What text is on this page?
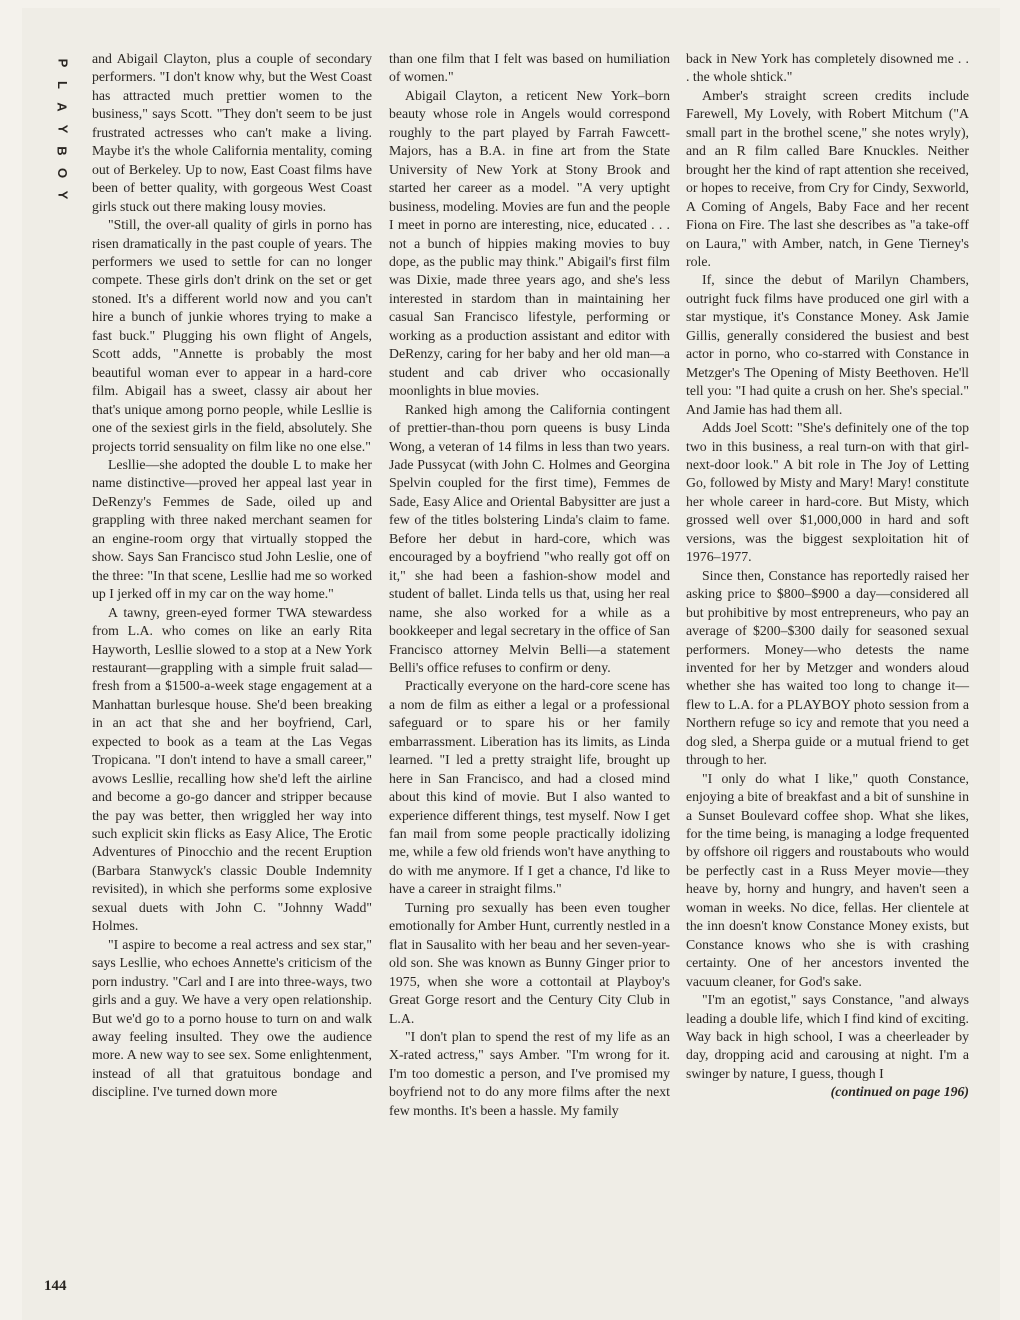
P
L
A
Y
B
O
Y

and Abigail Clayton, plus a couple of secondary performers. "I don't know why, but the West Coast has attracted much prettier women to the business," says Scott. "They don't seem to be just frustrated actresses who can't make a living. Maybe it's the whole California mentality, coming out of Berkeley. Up to now, East Coast films have been of better quality, with gorgeous West Coast girls stuck out there making lousy movies.

"Still, the over-all quality of girls in porno has risen dramatically in the past couple of years. The performers we used to settle for can no longer compete. These girls don't drink on the set or get stoned. It's a different world now and you can't hire a bunch of junkie whores trying to make a fast buck." Plugging his own flight of Angels, Scott adds, "Annette is probably the most beautiful woman ever to appear in a hard-core film. Abigail has a sweet, classy air about her that's unique among porno people, while Lesllie is one of the sexiest girls in the field, absolutely. She projects torrid sensuality on film like no one else."

Lesllie—she adopted the double L to make her name distinctive—proved her appeal last year in DeRenzy's Femmes de Sade, oiled up and grappling with three naked merchant seamen for an engine-room orgy that virtually stopped the show. Says San Francisco stud John Leslie, one of the three: "In that scene, Lesllie had me so worked up I jerked off in my car on the way home."

A tawny, green-eyed former TWA stewardess from L.A. who comes on like an early Rita Hayworth, Lesllie slowed to a stop at a New York restaurant—grappling with a simple fruit salad—fresh from a $1500-a-week stage engagement at a Manhattan burlesque house. She'd been breaking in an act that she and her boyfriend, Carl, expected to book as a team at the Las Vegas Tropicana. "I don't intend to have a small career," avows Lesllie, recalling how she'd left the airline and become a go-go dancer and stripper because the pay was better, then wriggled her way into such explicit skin flicks as Easy Alice, The Erotic Adventures of Pinocchio and the recent Eruption (Barbara Stanwyck's classic Double Indemnity revisited), in which she performs some explosive sexual duets with John C. "Johnny Wadd" Holmes.

"I aspire to become a real actress and sex star," says Lesllie, who echoes Annette's criticism of the porn industry. "Carl and I are into three-ways, two girls and a guy. We have a very open relationship. But we'd go to a porno house to turn on and walk away feeling insulted. They owe the audience more. A new way to see sex. Some enlightenment, instead of all that gratuitous bondage and discipline. I've turned down more

than one film that I felt was based on humiliation of women."

Abigail Clayton, a reticent New York–born beauty whose role in Angels would correspond roughly to the part played by Farrah Fawcett-Majors, has a B.A. in fine art from the State University of New York at Stony Brook and started her career as a model. "A very uptight business, modeling. Movies are fun and the people I meet in porno are interesting, nice, educated . . . not a bunch of hippies making movies to buy dope, as the public may think." Abigail's first film was Dixie, made three years ago, and she's less interested in stardom than in maintaining her casual San Francisco lifestyle, performing or working as a production assistant and editor with DeRenzy, caring for her baby and her old man—a student and cab driver who occasionally moonlights in blue movies.

Ranked high among the California contingent of prettier-than-thou porn queens is busy Linda Wong, a veteran of 14 films in less than two years. Jade Pussycat (with John C. Holmes and Georgina Spelvin coupled for the first time), Femmes de Sade, Easy Alice and Oriental Babysitter are just a few of the titles bolstering Linda's claim to fame. Before her debut in hard-core, which was encouraged by a boyfriend "who really got off on it," she had been a fashion-show model and student of ballet. Linda tells us that, using her real name, she also worked for a while as a bookkeeper and legal secretary in the office of San Francisco attorney Melvin Belli—a statement Belli's office refuses to confirm or deny.

Practically everyone on the hard-core scene has a nom de film as either a legal or a professional safeguard or to spare his or her family embarrassment. Liberation has its limits, as Linda learned. "I led a pretty straight life, brought up here in San Francisco, and had a closed mind about this kind of movie. But I also wanted to experience different things, test myself. Now I get fan mail from some people practically idolizing me, while a few old friends won't have anything to do with me anymore. If I get a chance, I'd like to have a career in straight films."

Turning pro sexually has been even tougher emotionally for Amber Hunt, currently nestled in a flat in Sausalito with her beau and her seven-year-old son. She was known as Bunny Ginger prior to 1975, when she wore a cottontail at Playboy's Great Gorge resort and the Century City Club in L.A.

"I don't plan to spend the rest of my life as an X-rated actress," says Amber. "I'm wrong for it. I'm too domestic a person, and I've promised my boyfriend not to do any more films after the next few months. It's been a hassle. My family

back in New York has completely disowned me . . . the whole shtick."

Amber's straight screen credits include Farewell, My Lovely, with Robert Mitchum ("A small part in the brothel scene," she notes wryly), and an R film called Bare Knuckles. Neither brought her the kind of rapt attention she received, or hopes to receive, from Cry for Cindy, Sexworld, A Coming of Angels, Baby Face and her recent Fiona on Fire. The last she describes as "a take-off on Laura," with Amber, natch, in Gene Tierney's role.

If, since the debut of Marilyn Chambers, outright fuck films have produced one girl with a star mystique, it's Constance Money. Ask Jamie Gillis, generally considered the busiest and best actor in porno, who co-starred with Constance in Metzger's The Opening of Misty Beethoven. He'll tell you: "I had quite a crush on her. She's special." And Jamie has had them all.

Adds Joel Scott: "She's definitely one of the top two in this business, a real turn-on with that girl-next-door look." A bit role in The Joy of Letting Go, followed by Misty and Mary! Mary! constitute her whole career in hard-core. But Misty, which grossed well over $1,000,000 in hard and soft versions, was the biggest sexploitation hit of 1976–1977.

Since then, Constance has reportedly raised her asking price to $800–$900 a day—considered all but prohibitive by most entrepreneurs, who pay an average of $200–$300 daily for seasoned sexual performers. Money—who detests the name invented for her by Metzger and wonders aloud whether she has waited too long to change it—flew to L.A. for a PLAYBOY photo session from a Northern refuge so icy and remote that you need a dog sled, a Sherpa guide or a mutual friend to get through to her.

"I only do what I like," quoth Constance, enjoying a bite of breakfast and a bit of sunshine in a Sunset Boulevard coffee shop. What she likes, for the time being, is managing a lodge frequented by offshore oil riggers and roustabouts who would be perfectly cast in a Russ Meyer movie—they heave by, horny and hungry, and haven't seen a woman in weeks. No dice, fellas. Her clientele at the inn doesn't know Constance Money exists, but Constance knows who she is with crashing certainty. One of her ancestors invented the vacuum cleaner, for God's sake.

"I'm an egotist," says Constance, "and always leading a double life, which I find kind of exciting. Way back in high school, I was a cheerleader by day, dropping acid and carousing at night. I'm a swinger by nature, I guess, though I

(continued on page 196)

144
